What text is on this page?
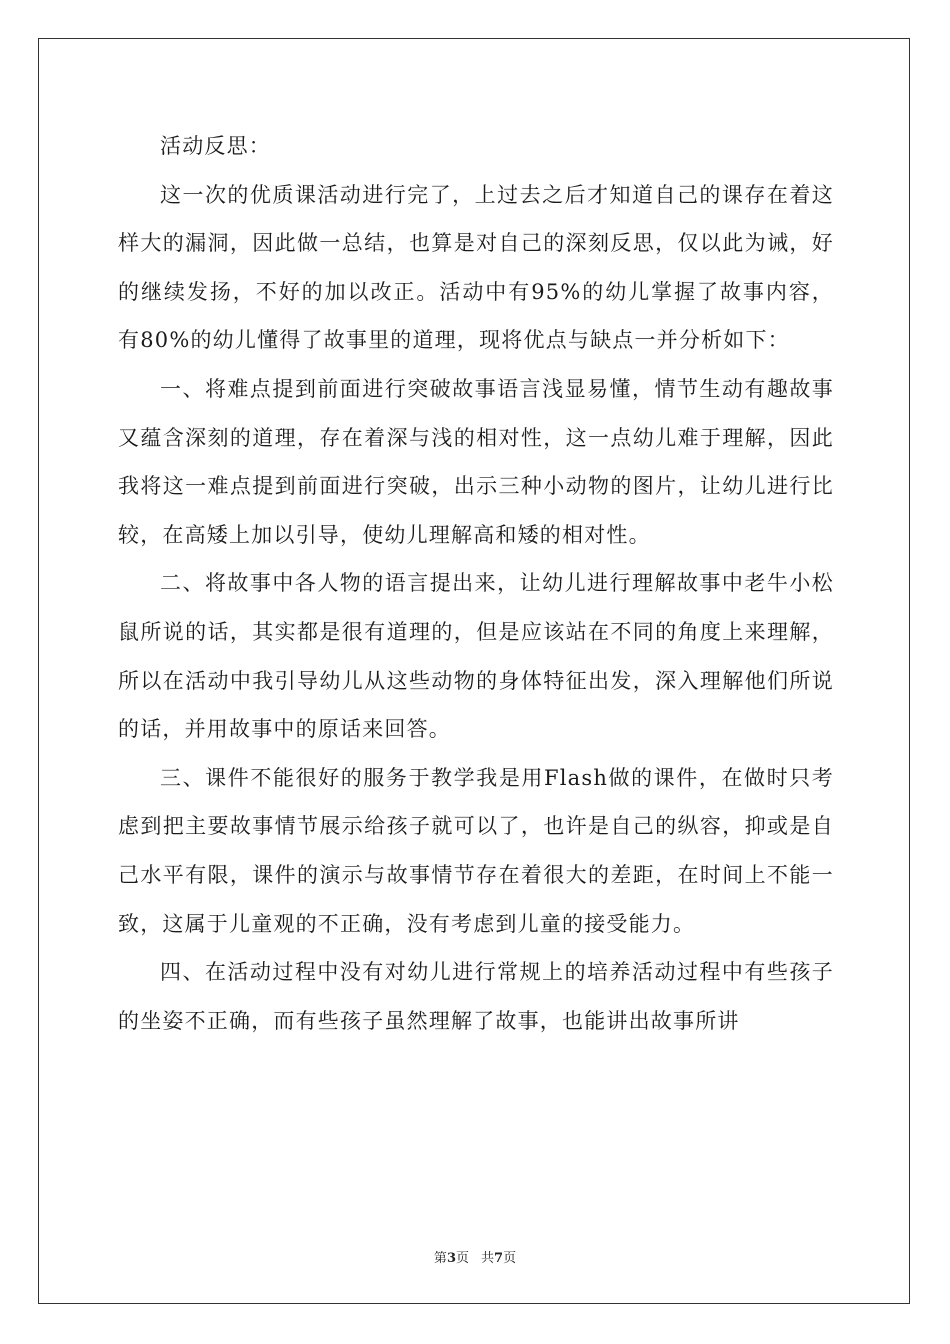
活动反思：

这一次的优质课活动进行完了，上过去之后才知道自己的课存在着这样大的漏洞，因此做一总结，也算是对自己的深刻反思，仅以此为诫，好的继续发扬，不好的加以改正。活动中有95%的幼儿掌握了故事内容，有80%的幼儿懂得了故事里的道理，现将优点与缺点一并分析如下：

一、将难点提到前面进行突破故事语言浅显易懂，情节生动有趣故事又蕴含深刻的道理，存在着深与浅的相对性，这一点幼儿难于理解，因此我将这一难点提到前面进行突破，出示三种小动物的图片，让幼儿进行比较，在高矮上加以引导，使幼儿理解高和矮的相对性。

二、将故事中各人物的语言提出来，让幼儿进行理解故事中老牛小松鼠所说的话，其实都是很有道理的，但是应该站在不同的角度上来理解，所以在活动中我引导幼儿从这些动物的身体特征出发，深入理解他们所说的话，并用故事中的原话来回答。

三、课件不能很好的服务于教学我是用Flash做的课件，在做时只考虑到把主要故事情节展示给孩子就可以了，也许是自己的纵容，抑或是自己水平有限，课件的演示与故事情节存在着很大的差距，在时间上不能一致，这属于儿童观的不正确，没有考虑到儿童的接受能力。

四、在活动过程中没有对幼儿进行常规上的培养活动过程中有些孩子的坐姿不正确，而有些孩子虽然理解了故事，也能讲出故事所讲

第3页 共7页
